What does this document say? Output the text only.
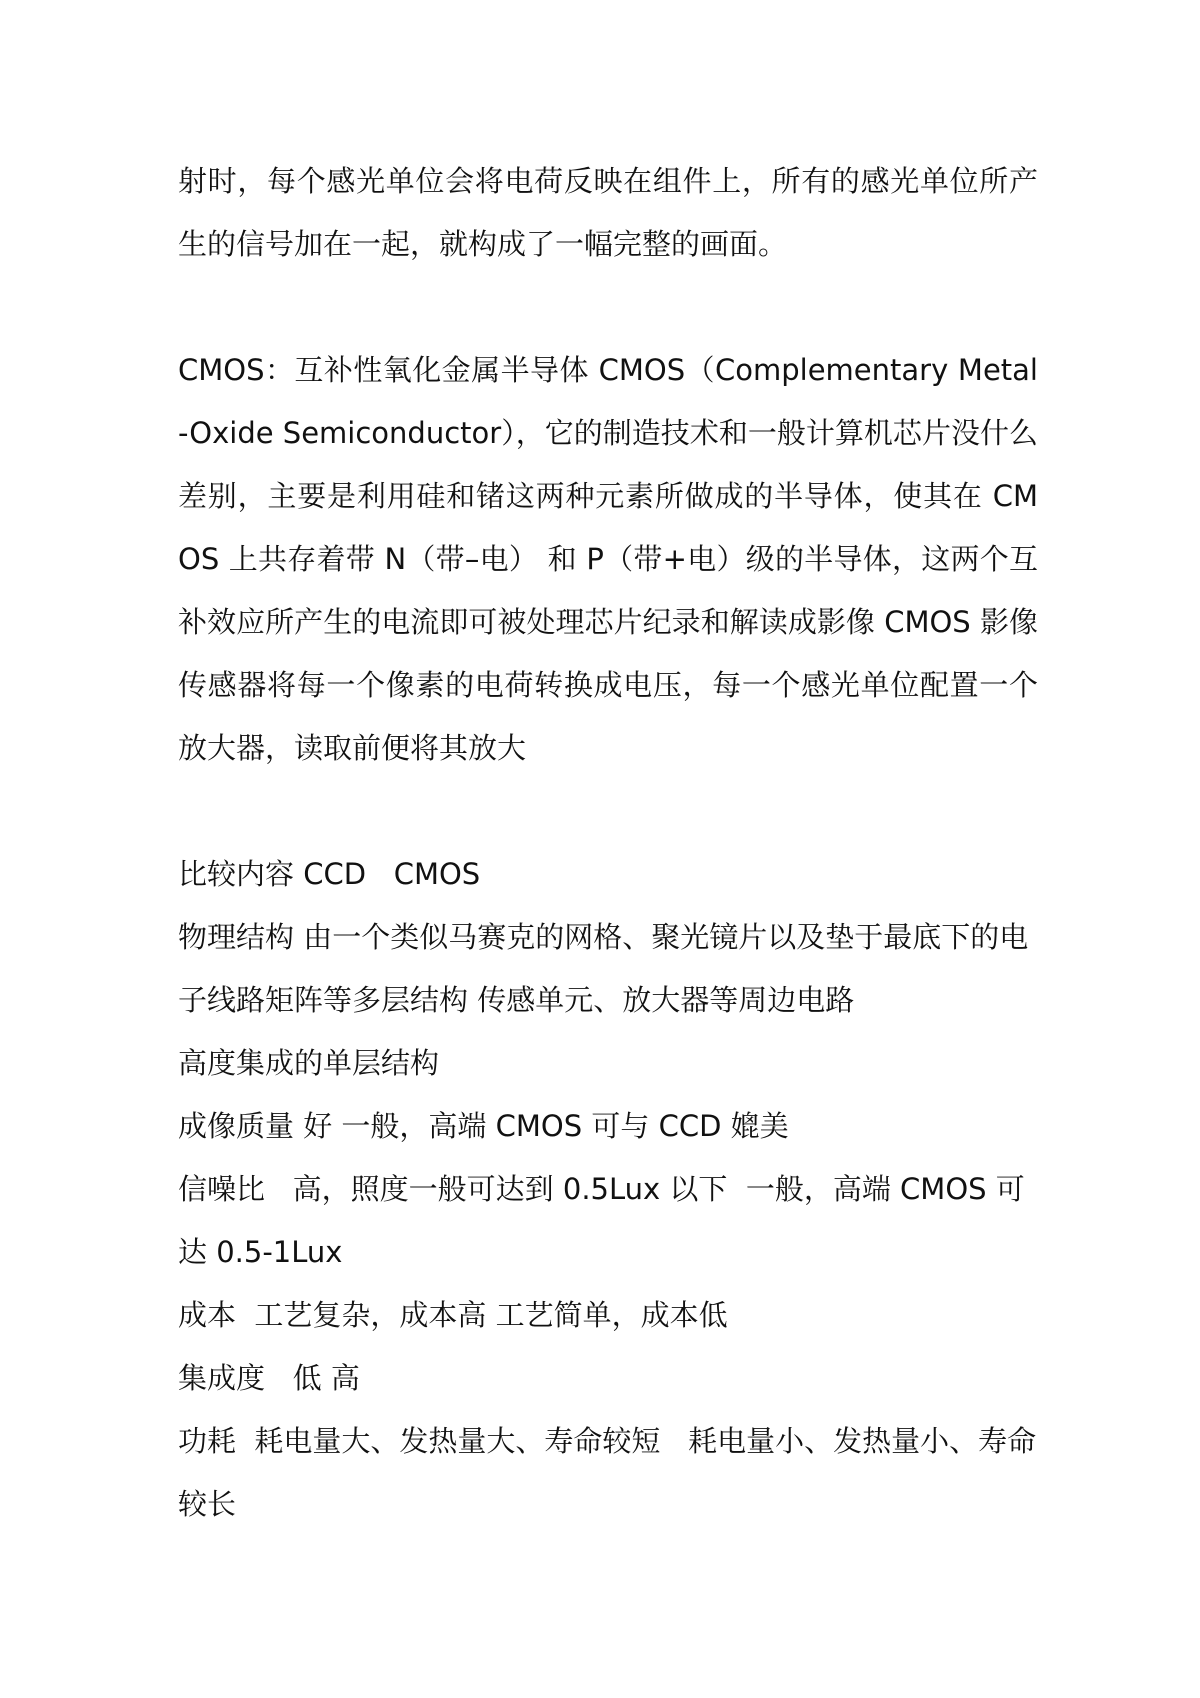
射时，每个感光单位会将电荷反映在组件上，所有的感光单位所产生的信号加在一起，就构成了一幅完整的画面。

CMOS：互补性氧化金属半导体 CMOS（Complementary Metal-Oxide Semiconductor），它的制造技术和一般计算机芯片没什么差别，主要是利用硅和锗这两种元素所做成的半导体，使其在 CMOS 上共存着带 N（带–电） 和 P（带+电）级的半导体，这两个互补效应所产生的电流即可被处理芯片纪录和解读成影像 CMOS 影像传感器将每一个像素的电荷转换成电压，每一个感光单位配置一个放大器，读取前便将其放大

比较内容 CCD   CMOS

物理结构 由一个类似马赛克的网格、聚光镜片以及垫于最底下的电子线路矩阵等多层结构 传感单元、放大器等周边电路

高度集成的单层结构

成像质量 好 一般，高端 CMOS 可与 CCD 媲美

信噪比   高，照度一般可达到 0.5Lux 以下  一般，高端 CMOS 可达 0.5-1Lux

成本  工艺复杂，成本高 工艺简单，成本低

集成度   低 高

功耗  耗电量大、发热量大、寿命较短   耗电量小、发热量小、寿命较长
